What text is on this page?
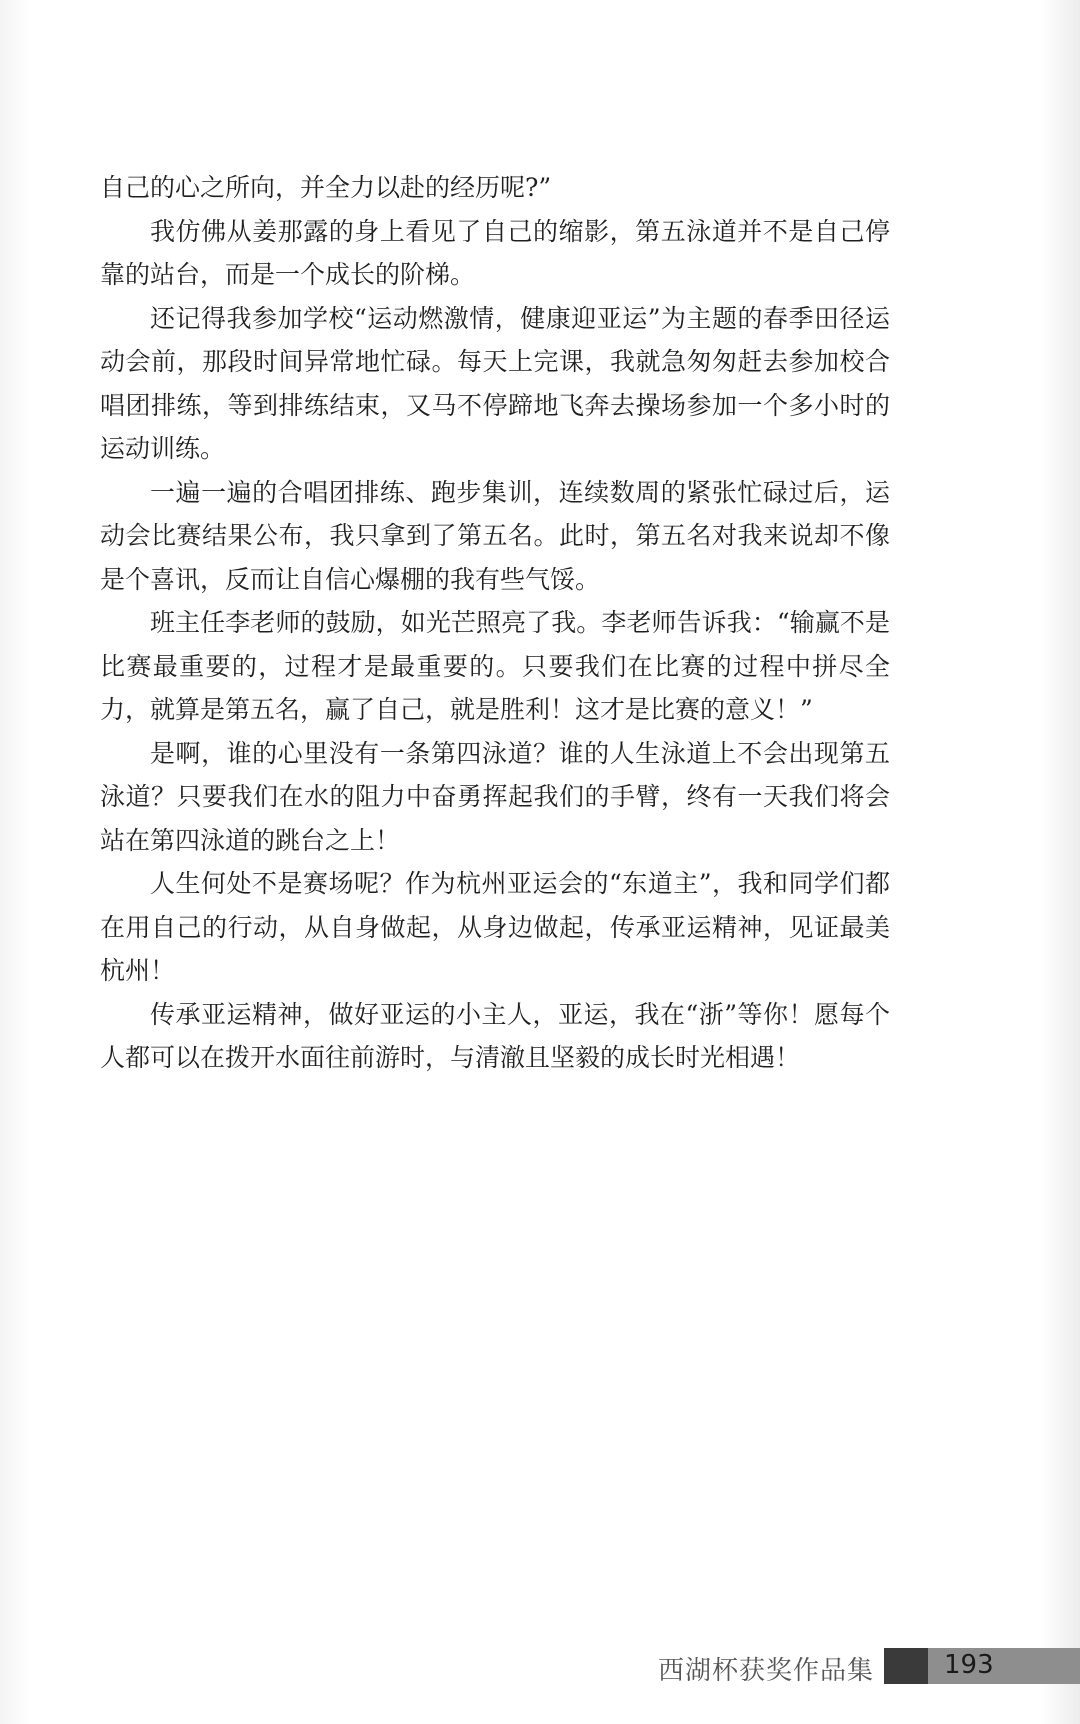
自己的心之所向，并全力以赴的经历呢?”

我仿佛从姜那露的身上看见了自己的缩影，第五泳道并不是自己停靠的站台，而是一个成长的阶梯。

还记得我参加学校“运动燃激情，健康迎亚运”为主题的春季田径运动会前，那段时间异常地忙碌。每天上完课，我就急匆匆赶去参加校合唱团排练，等到排练结束，又马不停蹄地飞奔去操场参加一个多小时的运动训练。

一遍一遍的合唱团排练、跑步集训，连续数周的紧张忙碌过后，运动会比赛结果公布，我只拿到了第五名。此时，第五名对我来说却不像是个喜讯，反而让自信心爆棚的我有些气馁。

班主任李老师的鼓励，如光芒照亮了我。李老师告诉我：“输赢不是比赛最重要的，过程才是最重要的。只要我们在比赛的过程中拼尽全力，就算是第五名，赢了自己，就是胜利！这才是比赛的意义！”

是啊，谁的心里没有一条第四泳道？谁的人生泳道上不会出现第五泳道？只要我们在水的阻力中奋勇挥起我们的手臂，终有一天我们将会站在第四泳道的跳台之上！

人生何处不是赛场呢？作为杭州亚运会的“东道主”，我和同学们都在用自己的行动，从自身做起，从身边做起，传承亚运精神，见证最美杭州！

传承亚运精神，做好亚运的小主人，亚运，我在“浙”等你！愿每个人都可以在拨开水面往前游时，与清澈且坚毅的成长时光相遇！

西湖杯获奖作品集	193
